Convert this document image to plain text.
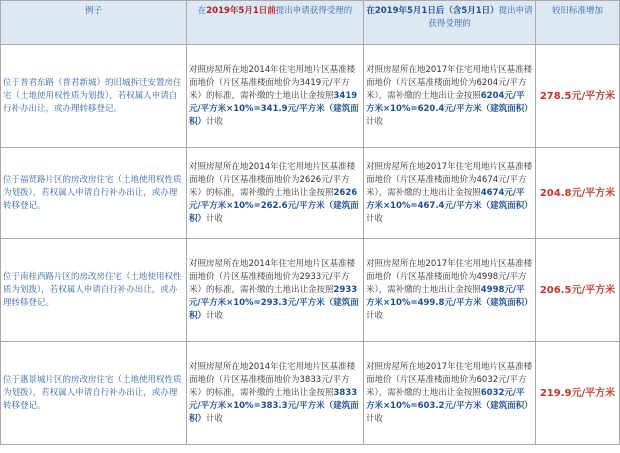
例子	在2019年5月1日前提出申请获得受理的	在2019年5月1日后（含5月1日）提出申请获得受理的	较旧标准增加
位于普君东路（普君新城）的旧城拆迁安置房住宅（土地使用权性质为划拨），若权属人申请自行补办出让，或办理转移登记。	对照房屋所在地2014年住宅用地片区基准楼面地价（片区基准楼面地价为3419元/平方米）的标准，需补缴的土地出让金按照3419元/平方米×10%=341.9元/平方米（建筑面积）计收	对照房屋所在地2017年住宅用地片区基准楼面地价（片区基准楼面地价为6204元/平方米），需补缴的土地出让金按照6204元/平方米×10%=620.4元/平方米（建筑面积）计收	278.5元/平方米
位于福贤路片区的房改房住宅（土地使用权性质为划拨），若权属人申请自行补办出让，或办理转移登记。	对照房屋所在地2014年住宅用地片区基准楼面地价（片区基准楼面地价为2626元/平方米）的标准，需补缴的土地出让金按照2626元/平方米×10%=262.6元/平方米（建筑面积）计收	对照房屋所在地2017年住宅用地片区基准楼面地价（片区基准楼面地价为4674元/平方米），需补缴的土地出让金按照4674元/平方米×10%=467.4元/平方米（建筑面积）计收	204.8元/平方米
位于南桂西路片区的房改房住宅（土地使用权性质为划拨），若权属人申请自行补办出让，或办理转移登记。	对照房屋所在地2014年住宅用地片区基准楼面地价（片区基准楼面地价为2933元/平方米）的标准，需补缴的土地出让金按照2933元/平方米×10%=293.3元/平方米（建筑面积）计收	对照房屋所在地2017年住宅用地片区基准楼面地价（片区基准楼面地价为4998元/平方米），需补缴的土地出让金按照4998元/平方米×10%=499.8元/平方米（建筑面积）计收	206.5元/平方米
位于惠景城片区的房改房住宅（土地使用权性质为划拨），若权属人申请自行补办出让，或办理转移登记。	对照房屋所在地2014年住宅用地片区基准楼面地价（片区基准楼面地价为3833元/平方米）的标准，需补缴的土地出让金按照3833元/平方米×10%=383.3元/平方米（建筑面积）计收	对照房屋所在地2017年住宅用地片区基准楼面地价（片区基准楼面地价为6032元/平方米），需补缴的土地出让金按照6032元/平方米×10%=603.2元/平方米（建筑面积）计收	219.9元/平方米
